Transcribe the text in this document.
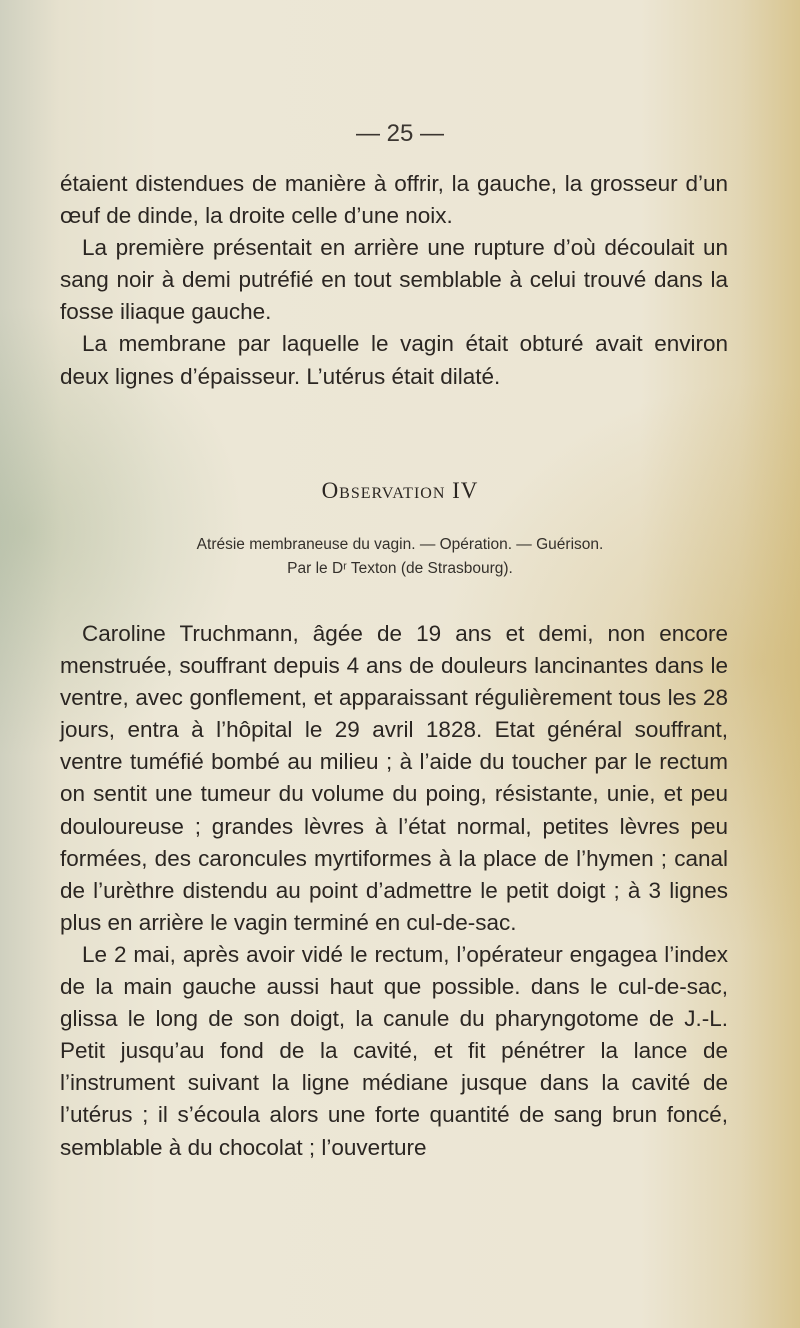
— 25 —

étaient distendues de manière à offrir, la gauche, la grosseur d’un œuf de dinde, la droite celle d’une noix.

La première présentait en arrière une rupture d’où découlait un sang noir à demi putréfié en tout semblable à celui trouvé dans la fosse iliaque gauche.

La membrane par laquelle le vagin était obturé avait environ deux lignes d’épaisseur. L’utérus était dilaté.

Observation IV
Atrésie membraneuse du vagin. — Opération. — Guérison.
Par le Dʳ Texton (de Strasbourg).

Caroline Truchmann, âgée de 19 ans et demi, non encore menstruée, souffrant depuis 4 ans de douleurs lancinantes dans le ventre, avec gonflement, et apparaissant régulièrement tous les 28 jours, entra à l’hôpital le 29 avril 1828. Etat général souffrant, ventre tuméfié bombé au milieu ; à l’aide du toucher par le rectum on sentit une tumeur du volume du poing, résistante, unie, et peu douloureuse ; grandes lèvres à l’état normal, petites lèvres peu formées, des caroncules myrtiformes à la place de l’hymen ; canal de l’urèthre distendu au point d’admettre le petit doigt ; à 3 lignes plus en arrière le vagin terminé en cul-de-sac.

Le 2 mai, après avoir vidé le rectum, l’opérateur engagea l’index de la main gauche aussi haut que possible. dans le cul-de-sac, glissa le long de son doigt, la canule du pharyngotome de J.-L. Petit jusqu’au fond de la cavité, et fit pénétrer la lance de l’instrument suivant la ligne médiane jusque dans la cavité de l’utérus ; il s’écoula alors une forte quantité de sang brun foncé, semblable à du chocolat ; l’ouverture
